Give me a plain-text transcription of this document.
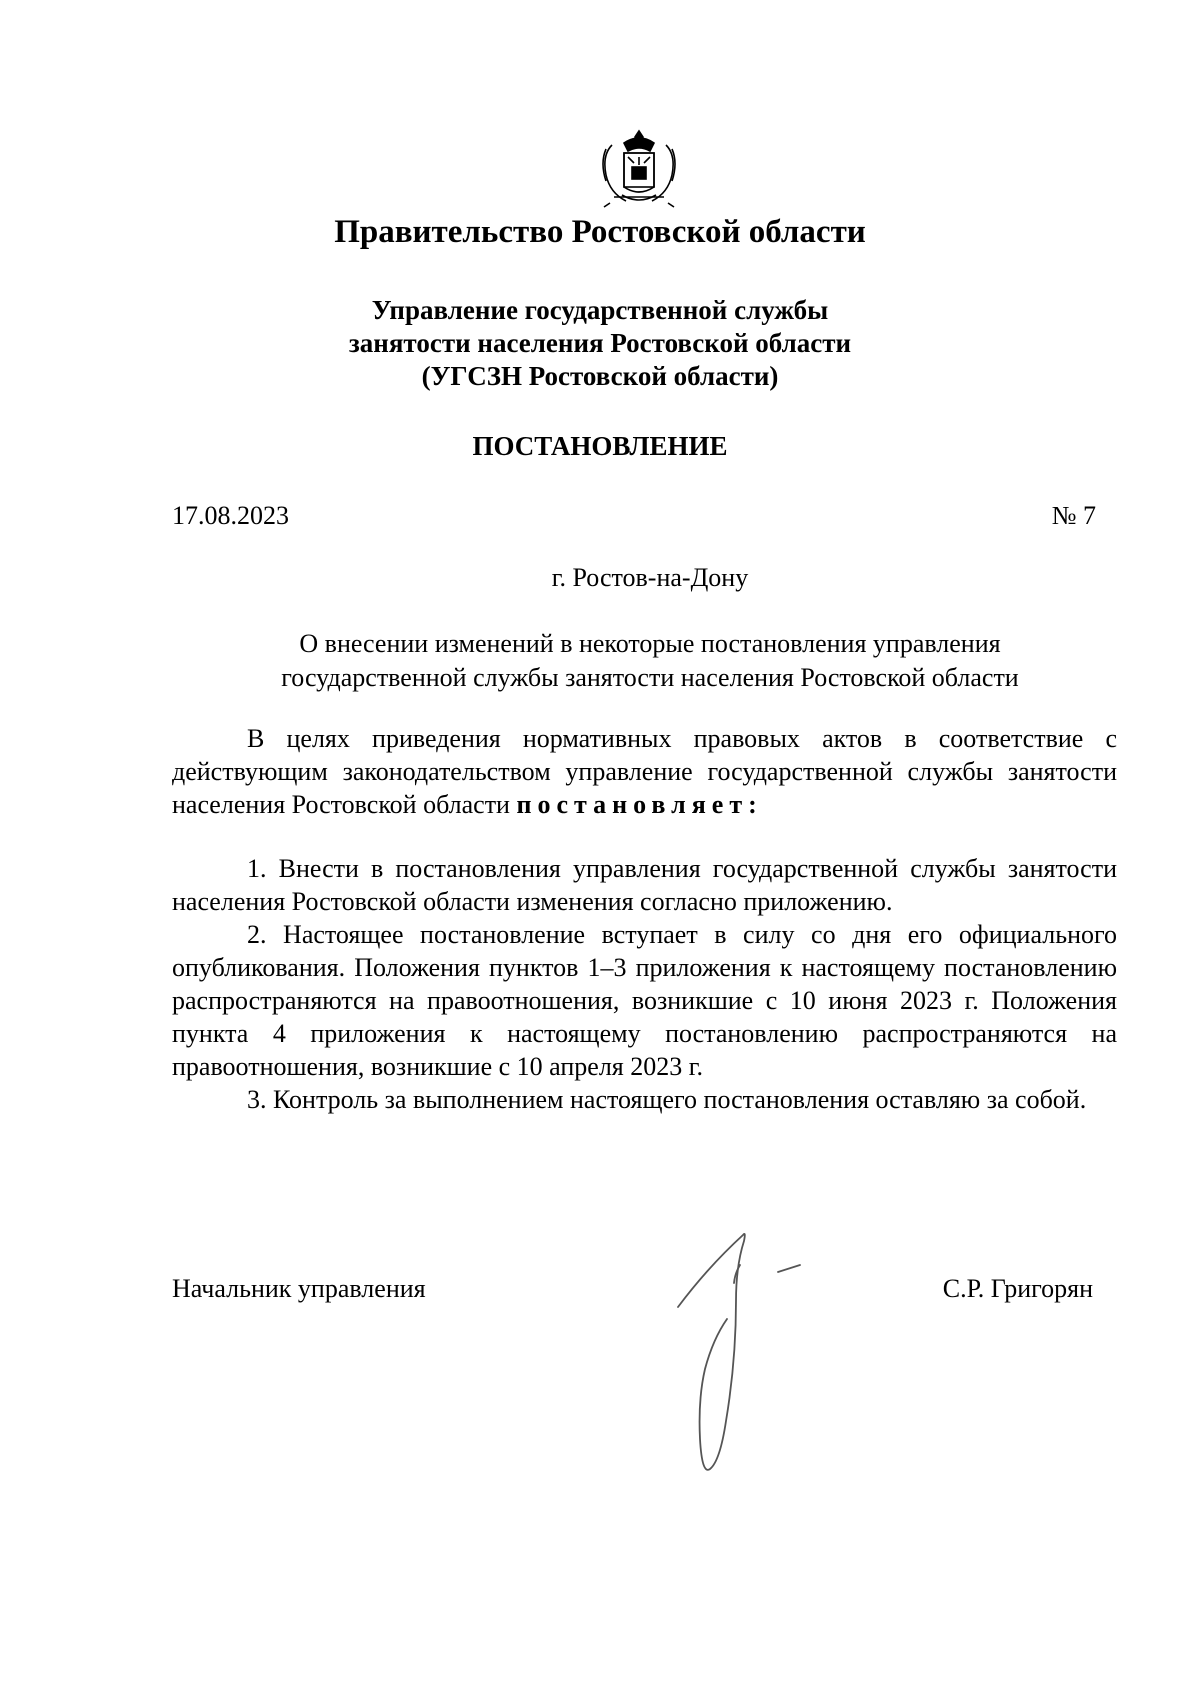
Правительство Ростовской области
Управление государственной службы
занятости населения Ростовской области
(УГСЗН Ростовской области)
ПОСТАНОВЛЕНИЕ
17.08.2023	№ 7
г. Ростов-на-Дону
О внесении изменений в некоторые постановления управления
государственной службы занятости населения Ростовской области

В целях приведения нормативных правовых актов в соответствие с действующим законодательством управление государственной службы занятости населения Ростовской области постановляет:

1. Внести в постановления управления государственной службы занятости населения Ростовской области изменения согласно приложению.

2. Настоящее постановление вступает в силу со дня его официального опубликования. Положения пунктов 1–3 приложения к настоящему постановлению распространяются на правоотношения, возникшие с 10 июня 2023 г. Положения пункта 4 приложения к настоящему постановлению распространяются на правоотношения, возникшие с 10 апреля 2023 г.

3. Контроль за выполнением настоящего постановления оставляю за собой.

Начальник управления	С.Р. Григорян
